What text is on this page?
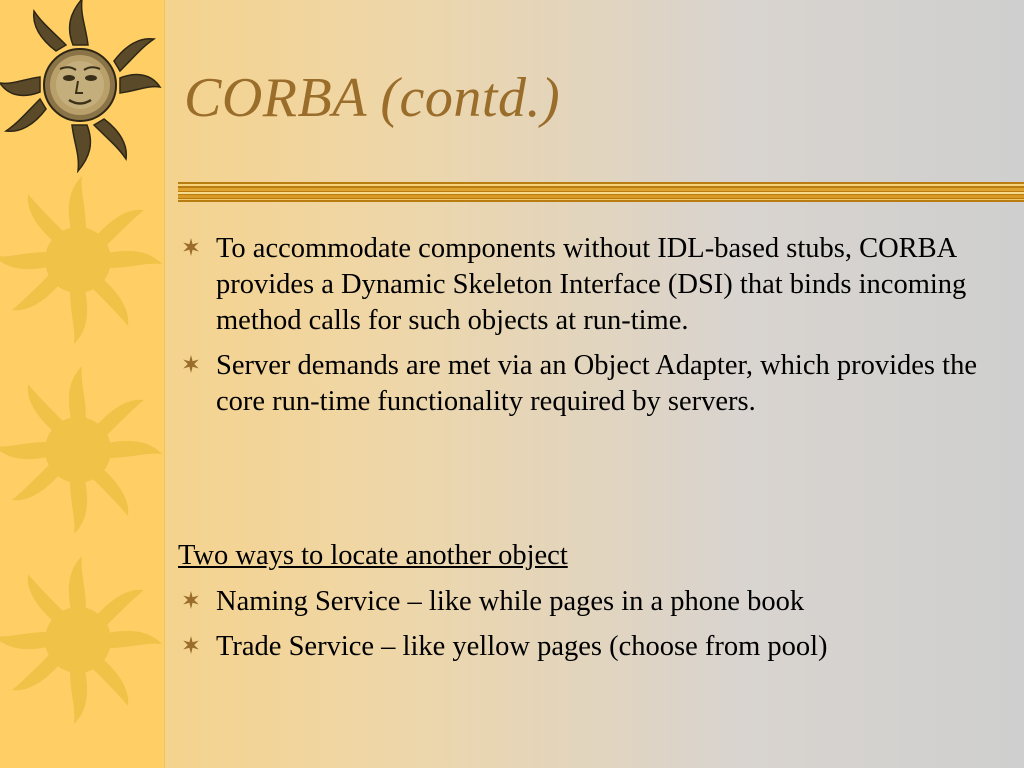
CORBA (contd.)
To accommodate components without IDL-based stubs, CORBA provides a Dynamic Skeleton Interface (DSI) that binds incoming method calls for such objects at run-time.
Server demands are met via an Object Adapter, which provides the core run-time functionality required by servers.

Two ways to locate another object

Naming Service – like while pages in a phone book
Trade Service – like yellow pages (choose from pool)
